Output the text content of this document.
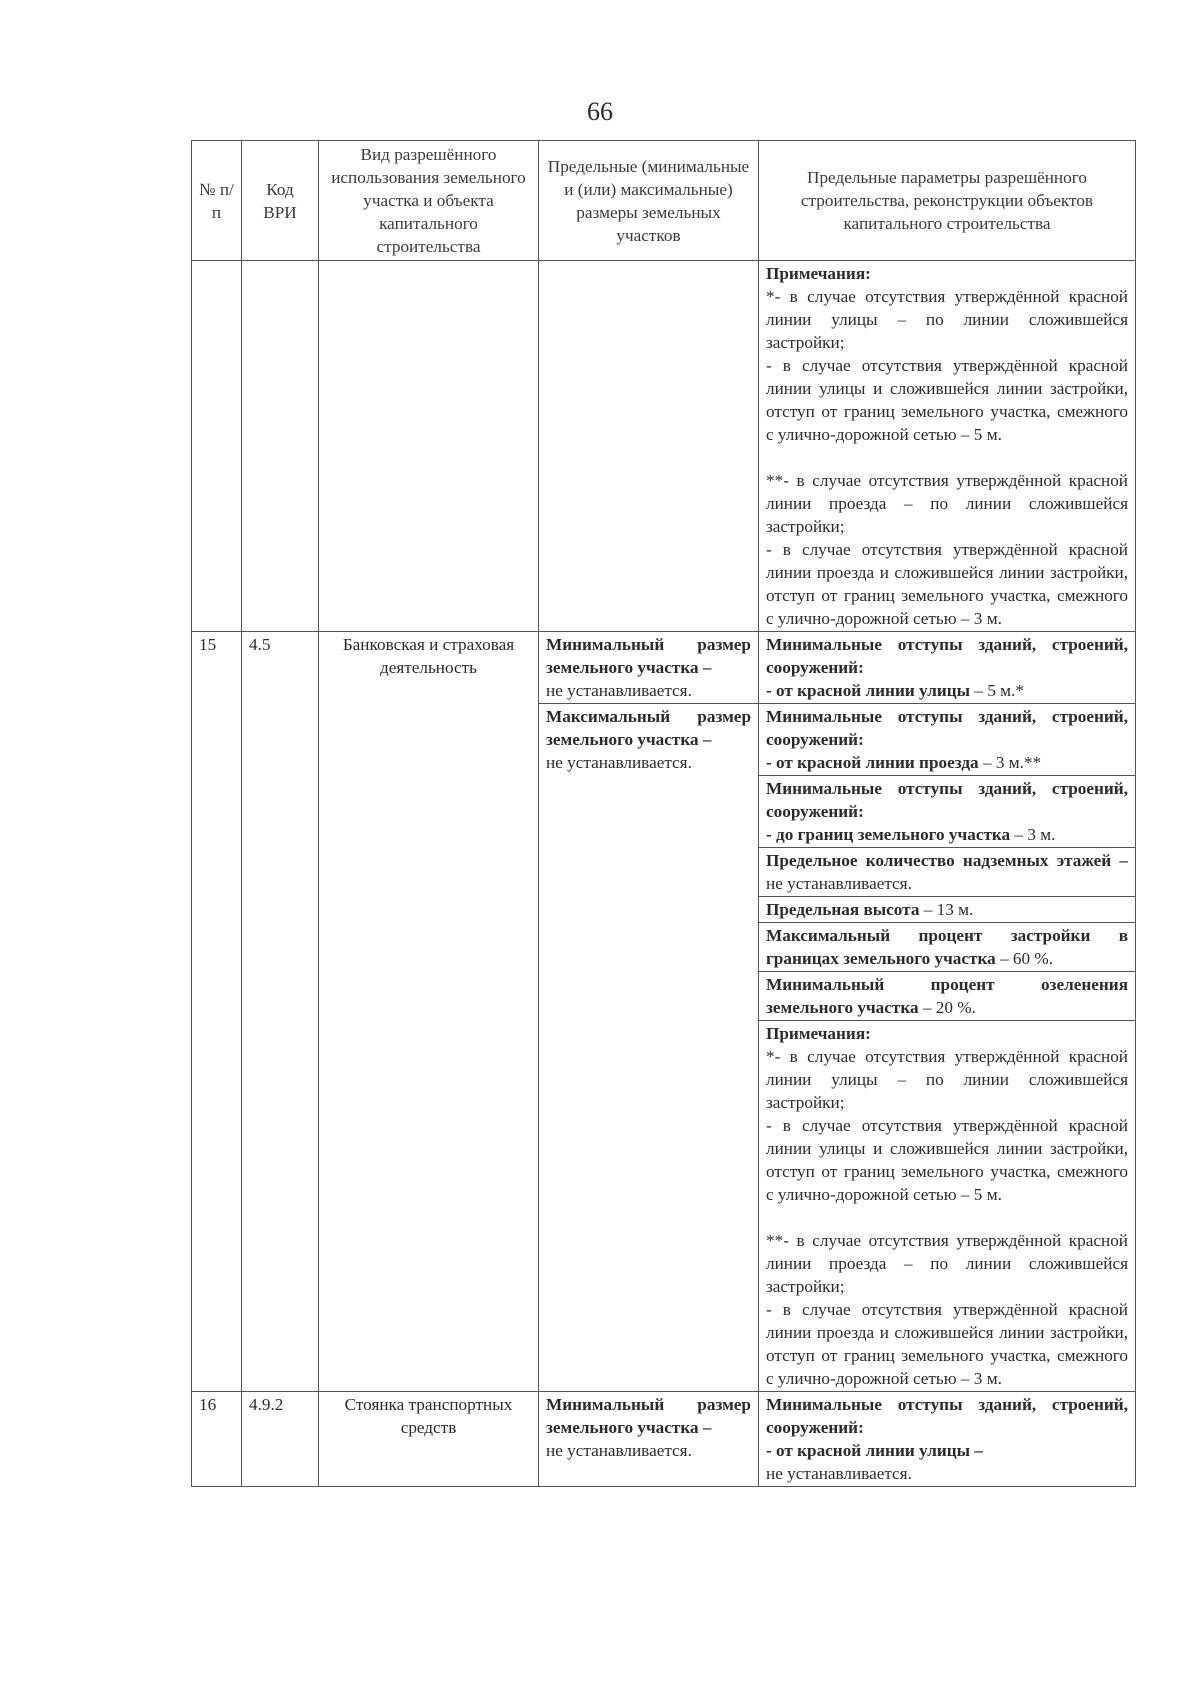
66
№ п/п	Код ВРИ	Вид разрешённого использования земельного участка и объекта капитального строительства	Предельные (минимальные и (или) максимальные) размеры земельных участков	Предельные параметры разрешённого строительства, реконструкции объектов капитального строительства

				Примечания:
*- в случае отсутствия утверждённой красной линии улицы – по линии сложившейся застройки;
- в случае отсутствия утверждённой красной линии улицы и сложившейся линии застройки, отступ от границ земельного участка, смежного с улично-дорожной сетью – 5 м.
**- в случае отсутствия утверждённой красной линии проезда – по линии сложившейся застройки;
- в случае отсутствия утверждённой красной линии проезда и сложившейся линии застройки, отступ от границ земельного участка, смежного с улично-дорожной сетью – 3 м.

15	4.5	Банковская и страховая деятельность	Минимальный размер земельного участка –
не устанавливается.	Минимальные отступы зданий, строений, сооружений:
- от красной линии улицы – 5 м.*

			Максимальный размер земельного участка –
не устанавливается.	Минимальные отступы зданий, строений, сооружений:
- от красной линии проезда – 3 м.**

				Минимальные отступы зданий, строений, сооружений:
- до границ земельного участка – 3 м.

				Предельное количество надземных этажей – не устанавливается.
				Предельная высота – 13 м.
				Максимальный процент застройки в границах земельного участка – 60 %.
				Минимальный процент озеленения земельного участка – 20 %.

				Примечания:
*- в случае отсутствия утверждённой красной линии улицы – по линии сложившейся застройки;
- в случае отсутствия утверждённой красной линии улицы и сложившейся линии застройки, отступ от границ земельного участка, смежного с улично-дорожной сетью – 5 м.
**- в случае отсутствия утверждённой красной линии проезда – по линии сложившейся застройки;
- в случае отсутствия утверждённой красной линии проезда и сложившейся линии застройки, отступ от границ земельного участка, смежного с улично-дорожной сетью – 3 м.

16	4.9.2	Стоянка транспортных средств	Минимальный размер земельного участка –
не устанавливается.	Минимальные отступы зданий, строений, сооружений:
- от красной линии улицы –
не устанавливается.
